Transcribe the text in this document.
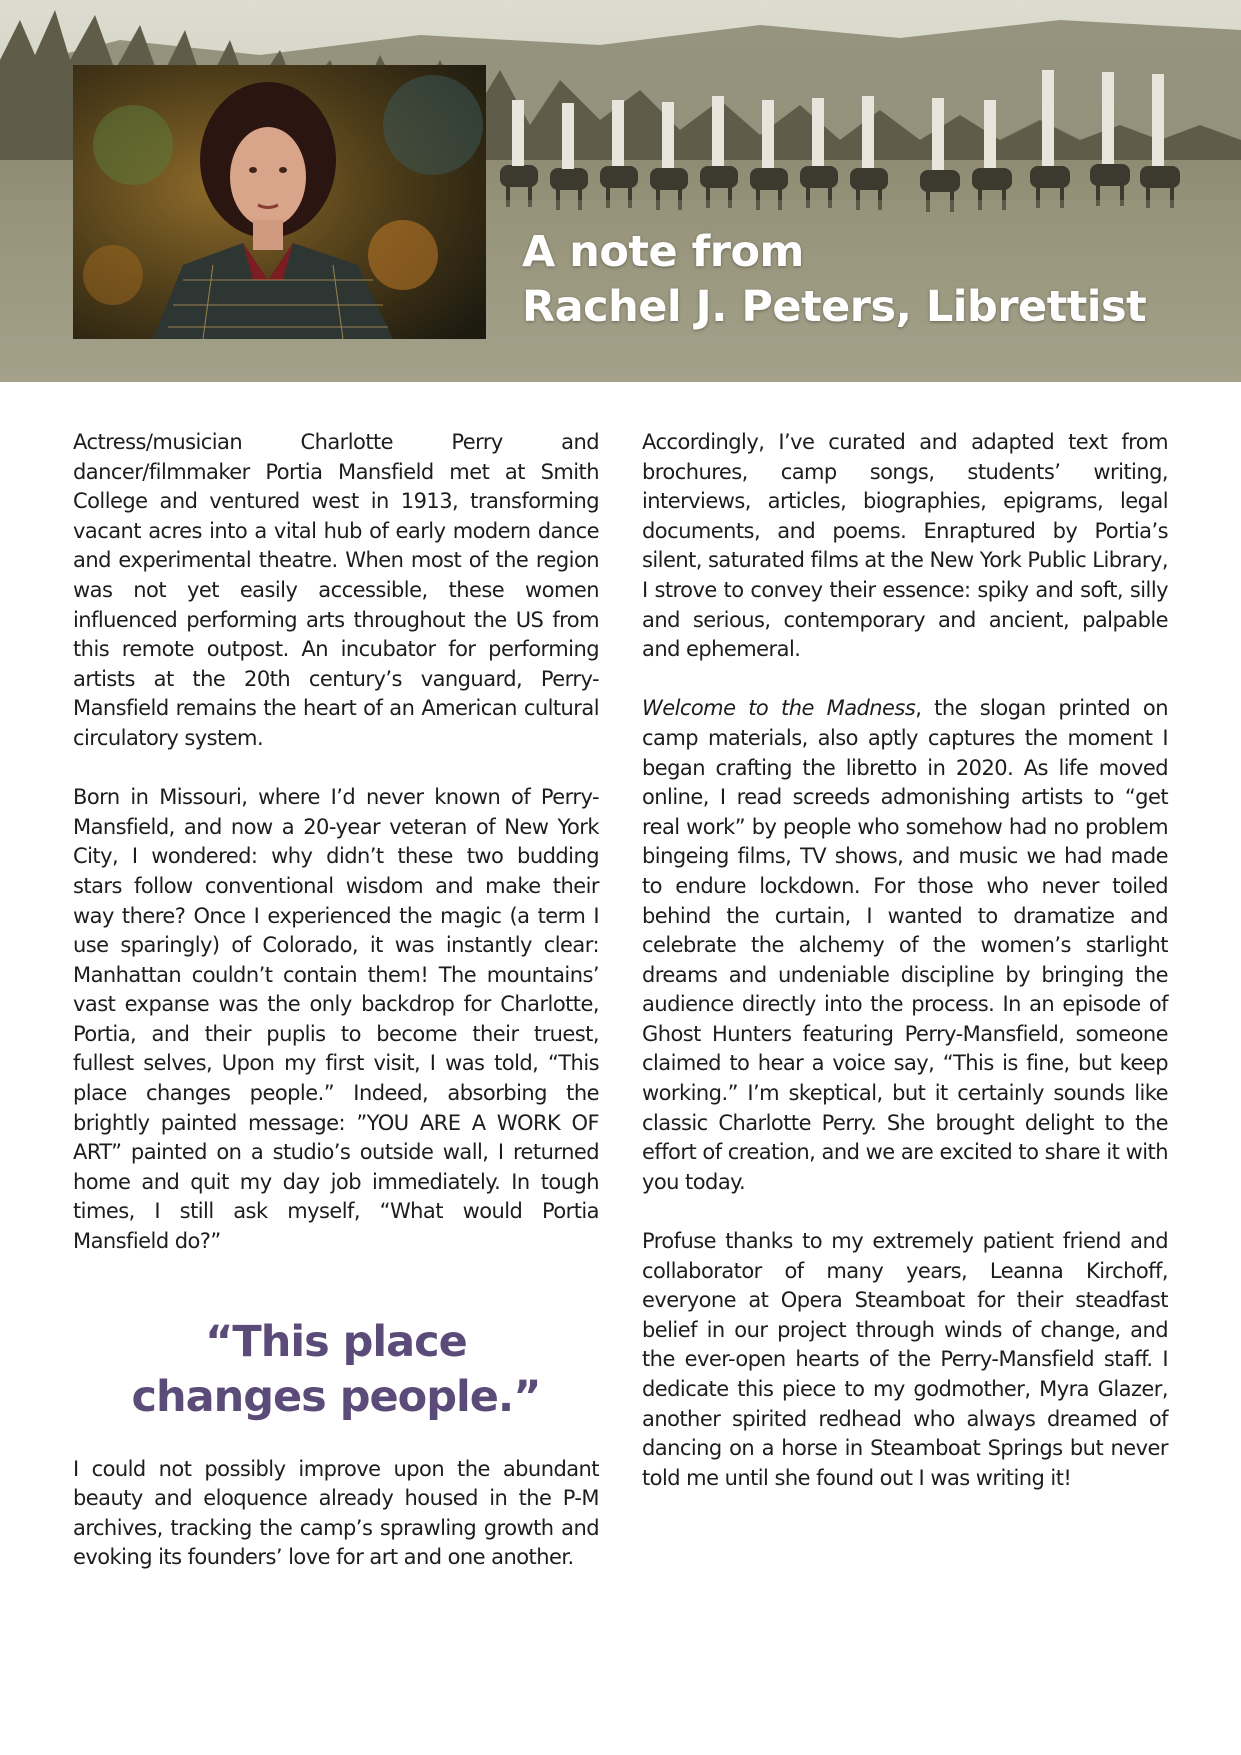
A note from
Rachel J. Peters, Librettist

Actress/musician Charlotte Perry and dancer/filmmaker Portia Mansfield met at Smith College and ventured west in 1913, transforming vacant acres into a vital hub of early modern dance and experimental theatre. When most of the region was not yet easily accessible, these women influenced performing arts throughout the US from this remote outpost. An incubator for performing artists at the 20th century’s vanguard, Perry-Mansfield remains the heart of an American cultural circulatory system.

Born in Missouri, where I’d never known of Perry-Mansfield, and now a 20-year veteran of New York City, I wondered: why didn’t these two budding stars follow conventional wisdom and make their way there? Once I experienced the magic (a term I use sparingly) of Colorado, it was instantly clear: Manhattan couldn’t contain them! The mountains’ vast expanse was the only backdrop for Charlotte, Portia, and their puplis to become their truest, fullest selves, Upon my first visit, I was told, “This place changes people.” Indeed, absorbing the brightly painted message: ”YOU ARE A WORK OF ART” painted on a studio’s outside wall, I returned home and quit my day job immediately. In tough times, I still ask myself, “What would Portia Mansfield do?”

“This place
changes people.”

I could not possibly improve upon the abundant beauty and eloquence already housed in the P-M archives, tracking the camp’s sprawling growth and evoking its founders’ love for art and one another.

Accordingly, I’ve curated and adapted text from brochures, camp songs, students’ writing, interviews, articles, biographies, epigrams, legal documents, and poems. Enraptured by Portia’s silent, saturated films at the New York Public Library, I strove to convey their essence: spiky and soft, silly and serious, contemporary and ancient, palpable and ephemeral.

Welcome to the Madness, the slogan printed on camp materials, also aptly captures the moment I began crafting the libretto in 2020. As life moved online, I read screeds admonishing artists to “get real work” by people who somehow had no problem bingeing films, TV shows, and music we had made to endure lockdown. For those who never toiled behind the curtain, I wanted to dramatize and celebrate the alchemy of the women’s starlight dreams and undeniable discipline by bringing the audience directly into the process. In an episode of Ghost Hunters featuring Perry-Mansfield, someone claimed to hear a voice say, “This is fine, but keep working.” I’m skeptical, but it certainly sounds like classic Charlotte Perry. She brought delight to the effort of creation, and we are excited to share it with you today.

Profuse thanks to my extremely patient friend and collaborator of many years, Leanna Kirchoff, everyone at Opera Steamboat for their steadfast belief in our project through winds of change, and the ever-open hearts of the Perry-Mansfield staff. I dedicate this piece to my godmother, Myra Glazer, another spirited redhead who always dreamed of dancing on a horse in Steamboat Springs but never told me until she found out I was writing it!
